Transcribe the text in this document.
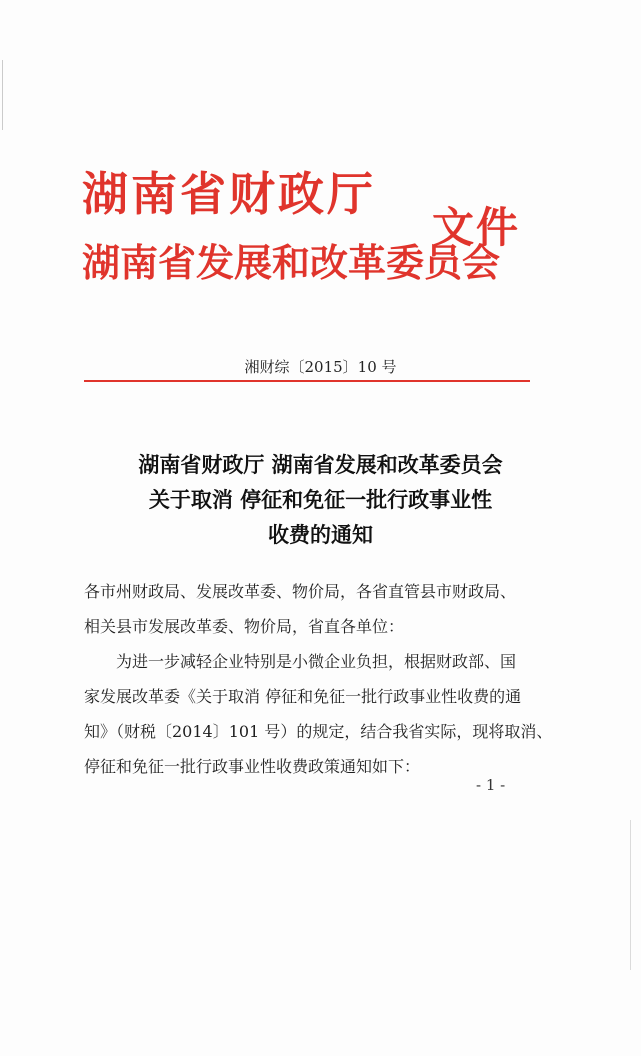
湖南省财政厅
湖南省发展和改革委员会
文件
湘财综〔2015〕10 号
湖南省财政厅 湖南省发展和改革委员会
关于取消 停征和免征一批行政事业性
收费的通知
各市州财政局、发展改革委、物价局，各省直管县市财政局、
相关县市发展改革委、物价局，省直各单位：
为进一步减轻企业特别是小微企业负担，根据财政部、国
家发展改革委《关于取消 停征和免征一批行政事业性收费的通
知》（财税〔2014〕101 号）的规定，结合我省实际，现将取消、
停征和免征一批行政事业性收费政策通知如下：
- 1 -
